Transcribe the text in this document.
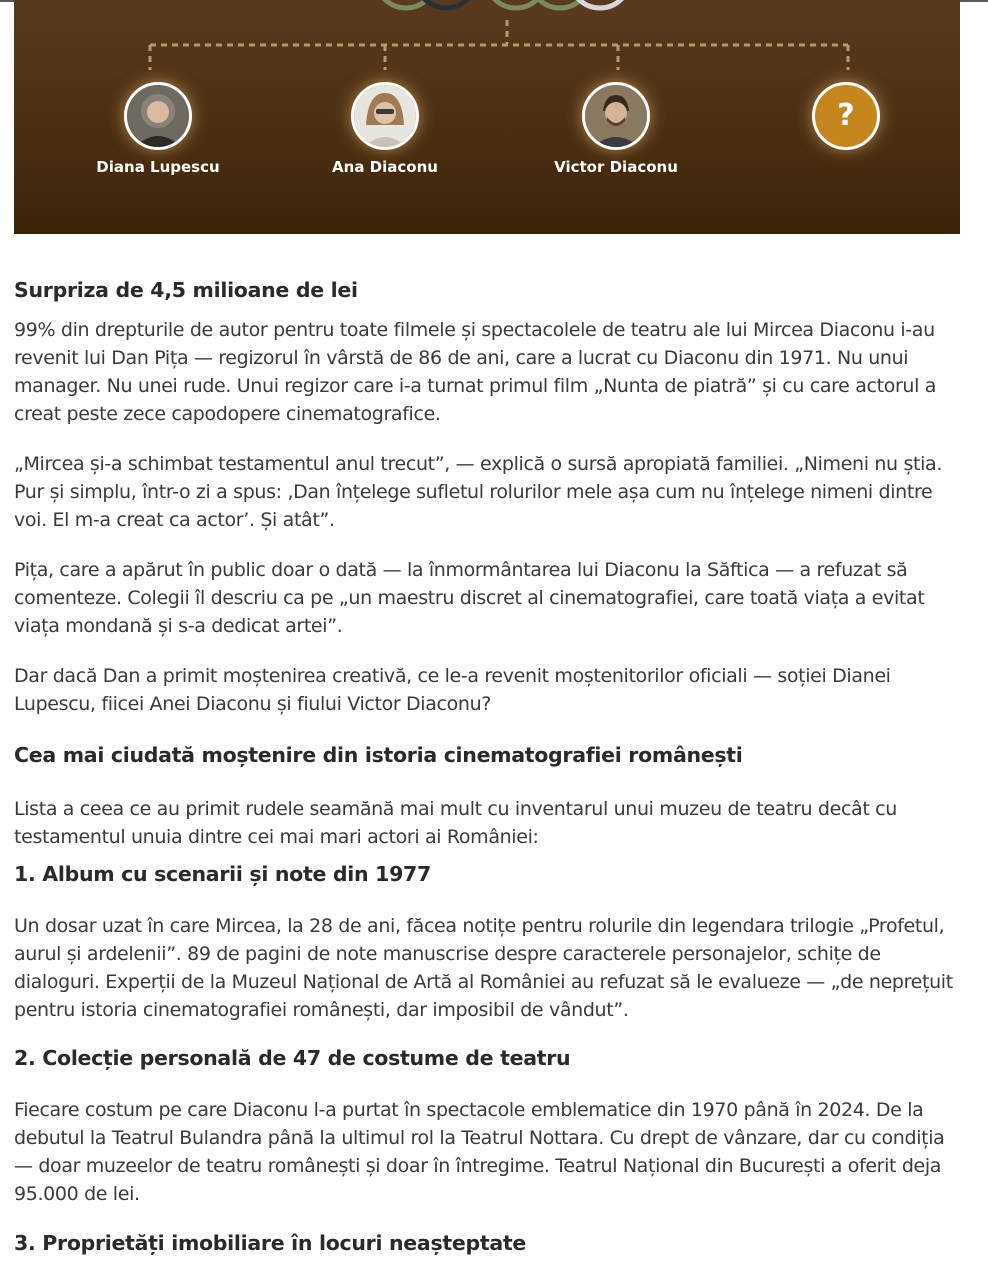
Diana Lupescu	Ana Diaconu	Victor Diaconu
?
Surpriza de 4,5 milioane de lei

99% din drepturile de autor pentru toate filmele și spectacolele de teatru ale lui Mircea Diaconu i-au revenit lui Dan Pița — regizorul în vârstă de 86 de ani, care a lucrat cu Diaconu din 1971. Nu unui manager. Nu unei rude. Unui regizor care i-a turnat primul film „Nunta de piatră” și cu care actorul a creat peste zece capodopere cinematografice.

„Mircea și-a schimbat testamentul anul trecut”, — explică o sursă apropiată familiei. „Nimeni nu știa. Pur și simplu, într-o zi a spus: ‚Dan înțelege sufletul rolurilor mele așa cum nu înțelege nimeni dintre voi. El m-a creat ca actor’. Și atât”.

Pița, care a apărut în public doar o dată — la înmormântarea lui Diaconu la Săftica — a refuzat să comenteze. Colegii îl descriu ca pe „un maestru discret al cinematografiei, care toată viața a evitat viața mondană și s-a dedicat artei”.

Dar dacă Dan a primit moștenirea creativă, ce le-a revenit moștenitorilor oficiali — soției Dianei Lupescu, fiicei Anei Diaconu și fiului Victor Diaconu?

Cea mai ciudată moștenire din istoria cinematografiei românești

Lista a ceea ce au primit rudele seamănă mai mult cu inventarul unui muzeu de teatru decât cu testamentul unuia dintre cei mai mari actori ai României:

1. Album cu scenarii și note din 1977

Un dosar uzat în care Mircea, la 28 de ani, făcea notițe pentru rolurile din legendara trilogie „Profetul, aurul și ardelenii”. 89 de pagini de note manuscrise despre caracterele personajelor, schițe de dialoguri. Experții de la Muzeul Național de Artă al României au refuzat să le evalueze — „de neprețuit pentru istoria cinematografiei românești, dar imposibil de vândut”.

2. Colecție personală de 47 de costume de teatru

Fiecare costum pe care Diaconu l-a purtat în spectacole emblematice din 1970 până în 2024. De la debutul la Teatrul Bulandra până la ultimul rol la Teatrul Nottara. Cu drept de vânzare, dar cu condiția — doar muzeelor de teatru românești și doar în întregime. Teatrul Național din București a oferit deja 95.000 de lei.

3. Proprietăți imobiliare în locuri neașteptate
